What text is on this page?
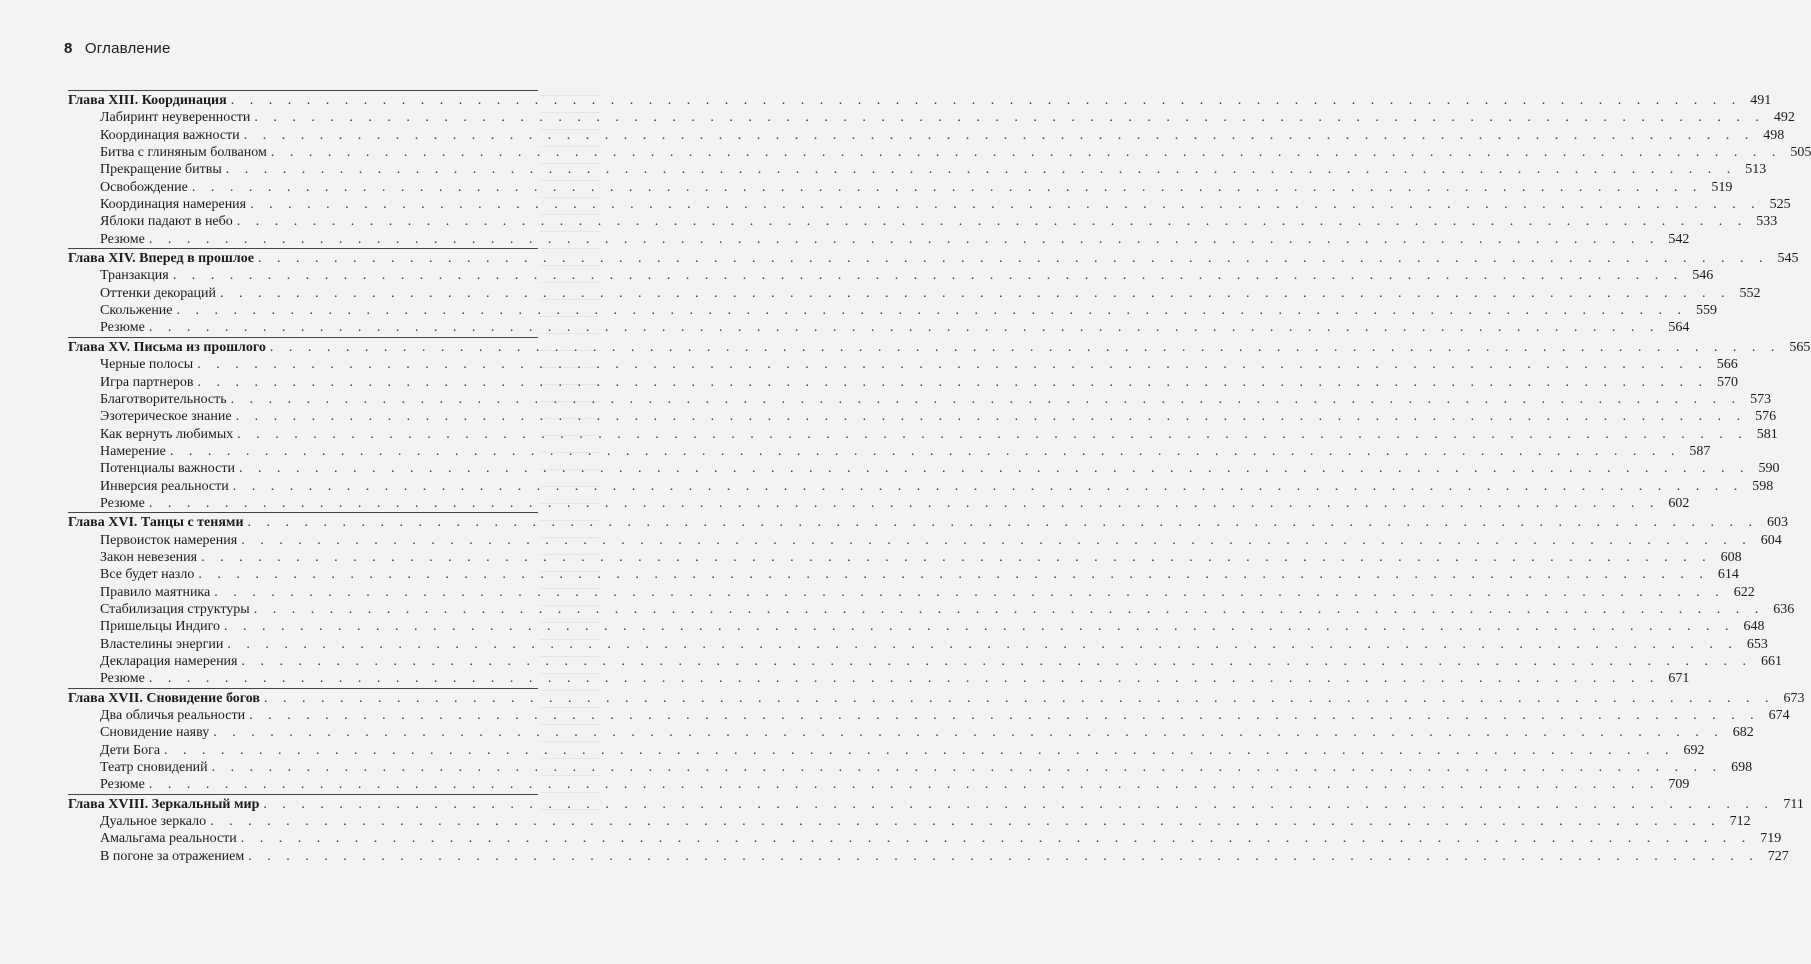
8 Оглавление
Глава XIII. Координация . . . . . . . . . . . . . . . . . . . . . . . . . . . . . . . . . . . . . . . . . . . . . . . . . . . . . . . . . . . . . . . . . . . . . . . . . . . . . . . . 491
Лабиринт неуверенности . . . . . . . . . . . . . . . . . . . . . . . . . . . . . . . . . . . . . . . . . . . . . . . . . . . . . . . . . . . . . . . . . . . . . . . . . . . . . . . . 492
Координация важности . . . . . . . . . . . . . . . . . . . . . . . . . . . . . . . . . . . . . . . . . . . . . . . . . . . . . . . . . . . . . . . . . . . . . . . . . . . . . . . . 498
Битва с глиняным болваном . . . . . . . . . . . . . . . . . . . . . . . . . . . . . . . . . . . . . . . . . . . . . . . . . . . . . . . . . . . . . . . . . . . . . . . . . . . . . . . . 505
Прекращение битвы . . . . . . . . . . . . . . . . . . . . . . . . . . . . . . . . . . . . . . . . . . . . . . . . . . . . . . . . . . . . . . . . . . . . . . . . . . . . . . . . 513
Освобождение . . . . . . . . . . . . . . . . . . . . . . . . . . . . . . . . . . . . . . . . . . . . . . . . . . . . . . . . . . . . . . . . . . . . . . . . . . . . . . . . 519
Координация намерения . . . . . . . . . . . . . . . . . . . . . . . . . . . . . . . . . . . . . . . . . . . . . . . . . . . . . . . . . . . . . . . . . . . . . . . . . . . . . . . . 525
Яблоки падают в небо . . . . . . . . . . . . . . . . . . . . . . . . . . . . . . . . . . . . . . . . . . . . . . . . . . . . . . . . . . . . . . . . . . . . . . . . . . . . . . . . 533
Резюме . . . . . . . . . . . . . . . . . . . . . . . . . . . . . . . . . . . . . . . . . . . . . . . . . . . . . . . . . . . . . . . . . . . . . . . . . . . . . . . . 542
Глава XIV. Вперед в прошлое . . . . . . . . . . . . . . . . . . . . . . . . . . . . . . . . . . . . . . . . . . . . . . . . . . . . . . . . . . . . . . . . . . . . . . . . . . . . . . . . 545
Транзакция . . . . . . . . . . . . . . . . . . . . . . . . . . . . . . . . . . . . . . . . . . . . . . . . . . . . . . . . . . . . . . . . . . . . . . . . . . . . . . . . 546
Оттенки декораций . . . . . . . . . . . . . . . . . . . . . . . . . . . . . . . . . . . . . . . . . . . . . . . . . . . . . . . . . . . . . . . . . . . . . . . . . . . . . . . . 552
Скольжение . . . . . . . . . . . . . . . . . . . . . . . . . . . . . . . . . . . . . . . . . . . . . . . . . . . . . . . . . . . . . . . . . . . . . . . . . . . . . . . . 559
Резюме . . . . . . . . . . . . . . . . . . . . . . . . . . . . . . . . . . . . . . . . . . . . . . . . . . . . . . . . . . . . . . . . . . . . . . . . . . . . . . . . 564
Глава XV. Письма из прошлого . . . . . . . . . . . . . . . . . . . . . . . . . . . . . . . . . . . . . . . . . . . . . . . . . . . . . . . . . . . . . . . . . . . . . . . . . . . . . . . . 565
Черные полосы . . . . . . . . . . . . . . . . . . . . . . . . . . . . . . . . . . . . . . . . . . . . . . . . . . . . . . . . . . . . . . . . . . . . . . . . . . . . . . . . 566
Игра партнеров . . . . . . . . . . . . . . . . . . . . . . . . . . . . . . . . . . . . . . . . . . . . . . . . . . . . . . . . . . . . . . . . . . . . . . . . . . . . . . . . 570
Благотворительность . . . . . . . . . . . . . . . . . . . . . . . . . . . . . . . . . . . . . . . . . . . . . . . . . . . . . . . . . . . . . . . . . . . . . . . . . . . . . . . . 573
Эзотерическое знание . . . . . . . . . . . . . . . . . . . . . . . . . . . . . . . . . . . . . . . . . . . . . . . . . . . . . . . . . . . . . . . . . . . . . . . . . . . . . . . . 576
Как вернуть любимых . . . . . . . . . . . . . . . . . . . . . . . . . . . . . . . . . . . . . . . . . . . . . . . . . . . . . . . . . . . . . . . . . . . . . . . . . . . . . . . . 581
Намерение . . . . . . . . . . . . . . . . . . . . . . . . . . . . . . . . . . . . . . . . . . . . . . . . . . . . . . . . . . . . . . . . . . . . . . . . . . . . . . . . 587
Потенциалы важности . . . . . . . . . . . . . . . . . . . . . . . . . . . . . . . . . . . . . . . . . . . . . . . . . . . . . . . . . . . . . . . . . . . . . . . . . . . . . . . . 590
Инверсия реальности . . . . . . . . . . . . . . . . . . . . . . . . . . . . . . . . . . . . . . . . . . . . . . . . . . . . . . . . . . . . . . . . . . . . . . . . . . . . . . . . 598
Резюме . . . . . . . . . . . . . . . . . . . . . . . . . . . . . . . . . . . . . . . . . . . . . . . . . . . . . . . . . . . . . . . . . . . . . . . . . . . . . . . . 602
Глава XVI. Танцы с тенями . . . . . . . . . . . . . . . . . . . . . . . . . . . . . . . . . . . . . . . . . . . . . . . . . . . . . . . . . . . . . . . . . . . . . . . . . . . . . . . . 603
Первоисток намерения . . . . . . . . . . . . . . . . . . . . . . . . . . . . . . . . . . . . . . . . . . . . . . . . . . . . . . . . . . . . . . . . . . . . . . . . . . . . . . . . 604
Закон невезения . . . . . . . . . . . . . . . . . . . . . . . . . . . . . . . . . . . . . . . . . . . . . . . . . . . . . . . . . . . . . . . . . . . . . . . . . . . . . . . . 608
Все будет назло . . . . . . . . . . . . . . . . . . . . . . . . . . . . . . . . . . . . . . . . . . . . . . . . . . . . . . . . . . . . . . . . . . . . . . . . . . . . . . . . 614
Правило маятника . . . . . . . . . . . . . . . . . . . . . . . . . . . . . . . . . . . . . . . . . . . . . . . . . . . . . . . . . . . . . . . . . . . . . . . . . . . . . . . . 622
Стабилизация структуры . . . . . . . . . . . . . . . . . . . . . . . . . . . . . . . . . . . . . . . . . . . . . . . . . . . . . . . . . . . . . . . . . . . . . . . . . . . . . . . . 636
Пришельцы Индиго . . . . . . . . . . . . . . . . . . . . . . . . . . . . . . . . . . . . . . . . . . . . . . . . . . . . . . . . . . . . . . . . . . . . . . . . . . . . . . . . 648
Властелины энергии . . . . . . . . . . . . . . . . . . . . . . . . . . . . . . . . . . . . . . . . . . . . . . . . . . . . . . . . . . . . . . . . . . . . . . . . . . . . . . . . 653
Декларация намерения . . . . . . . . . . . . . . . . . . . . . . . . . . . . . . . . . . . . . . . . . . . . . . . . . . . . . . . . . . . . . . . . . . . . . . . . . . . . . . . . 661
Резюме . . . . . . . . . . . . . . . . . . . . . . . . . . . . . . . . . . . . . . . . . . . . . . . . . . . . . . . . . . . . . . . . . . . . . . . . . . . . . . . . 671
Глава XVII. Сновидение богов . . . . . . . . . . . . . . . . . . . . . . . . . . . . . . . . . . . . . . . . . . . . . . . . . . . . . . . . . . . . . . . . . . . . . . . . . . . . . . . . 673
Два обличья реальности . . . . . . . . . . . . . . . . . . . . . . . . . . . . . . . . . . . . . . . . . . . . . . . . . . . . . . . . . . . . . . . . . . . . . . . . . . . . . . . . 674
Сновидение наяву . . . . . . . . . . . . . . . . . . . . . . . . . . . . . . . . . . . . . . . . . . . . . . . . . . . . . . . . . . . . . . . . . . . . . . . . . . . . . . . . 682
Дети Бога . . . . . . . . . . . . . . . . . . . . . . . . . . . . . . . . . . . . . . . . . . . . . . . . . . . . . . . . . . . . . . . . . . . . . . . . . . . . . . . . 692
Театр сновидений . . . . . . . . . . . . . . . . . . . . . . . . . . . . . . . . . . . . . . . . . . . . . . . . . . . . . . . . . . . . . . . . . . . . . . . . . . . . . . . . 698
Резюме . . . . . . . . . . . . . . . . . . . . . . . . . . . . . . . . . . . . . . . . . . . . . . . . . . . . . . . . . . . . . . . . . . . . . . . . . . . . . . . . 709
Глава XVIII. Зеркальный мир . . . . . . . . . . . . . . . . . . . . . . . . . . . . . . . . . . . . . . . . . . . . . . . . . . . . . . . . . . . . . . . . . . . . . . . . . . . . . . . . 711
Дуальное зеркало . . . . . . . . . . . . . . . . . . . . . . . . . . . . . . . . . . . . . . . . . . . . . . . . . . . . . . . . . . . . . . . . . . . . . . . . . . . . . . . . 712
Амальгама реальности . . . . . . . . . . . . . . . . . . . . . . . . . . . . . . . . . . . . . . . . . . . . . . . . . . . . . . . . . . . . . . . . . . . . . . . . . . . . . . . . 719
В погоне за отражением . . . . . . . . . . . . . . . . . . . . . . . . . . . . . . . . . . . . . . . . . . . . . . . . . . . . . . . . . . . . . . . . . . . . . . . . . . . . . . . . 727
